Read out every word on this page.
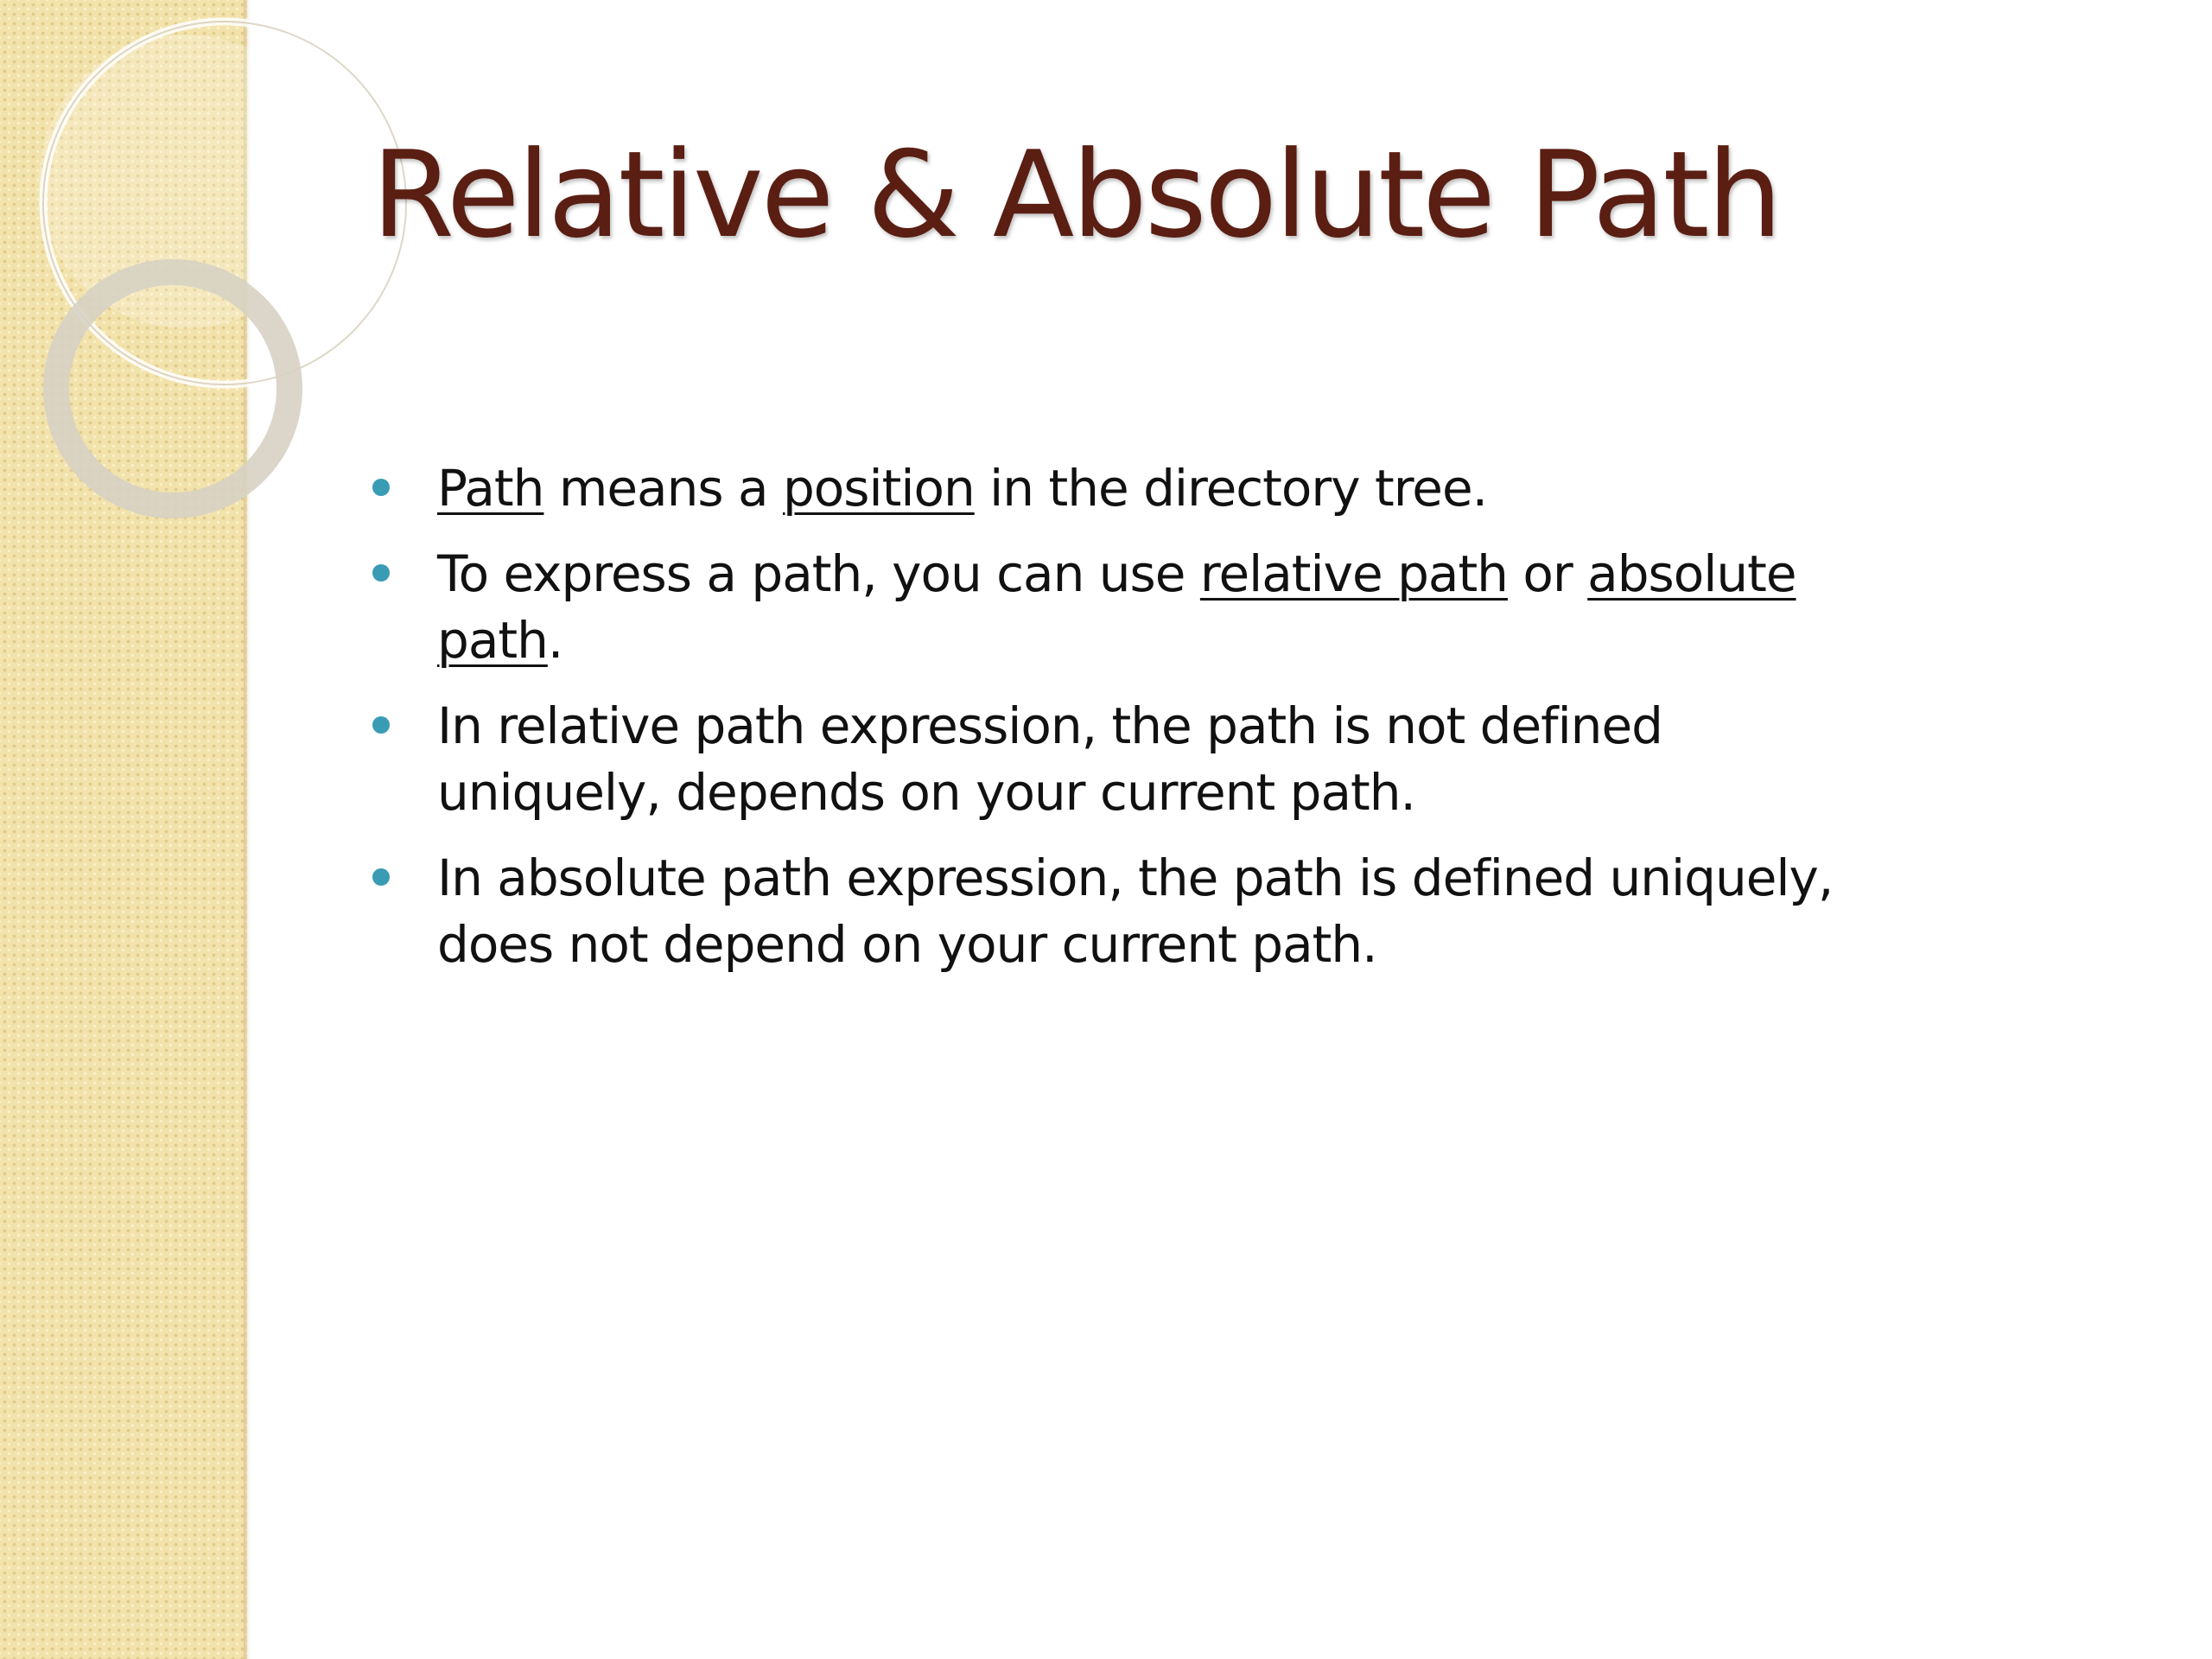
Relative & Absolute Path
Path means a position in the directory tree.
To express a path, you can use relative path or absolute path.
In relative path expression, the path is not defined uniquely, depends on your current path.
In absolute path expression, the path is defined uniquely, does not depend on your current path.
